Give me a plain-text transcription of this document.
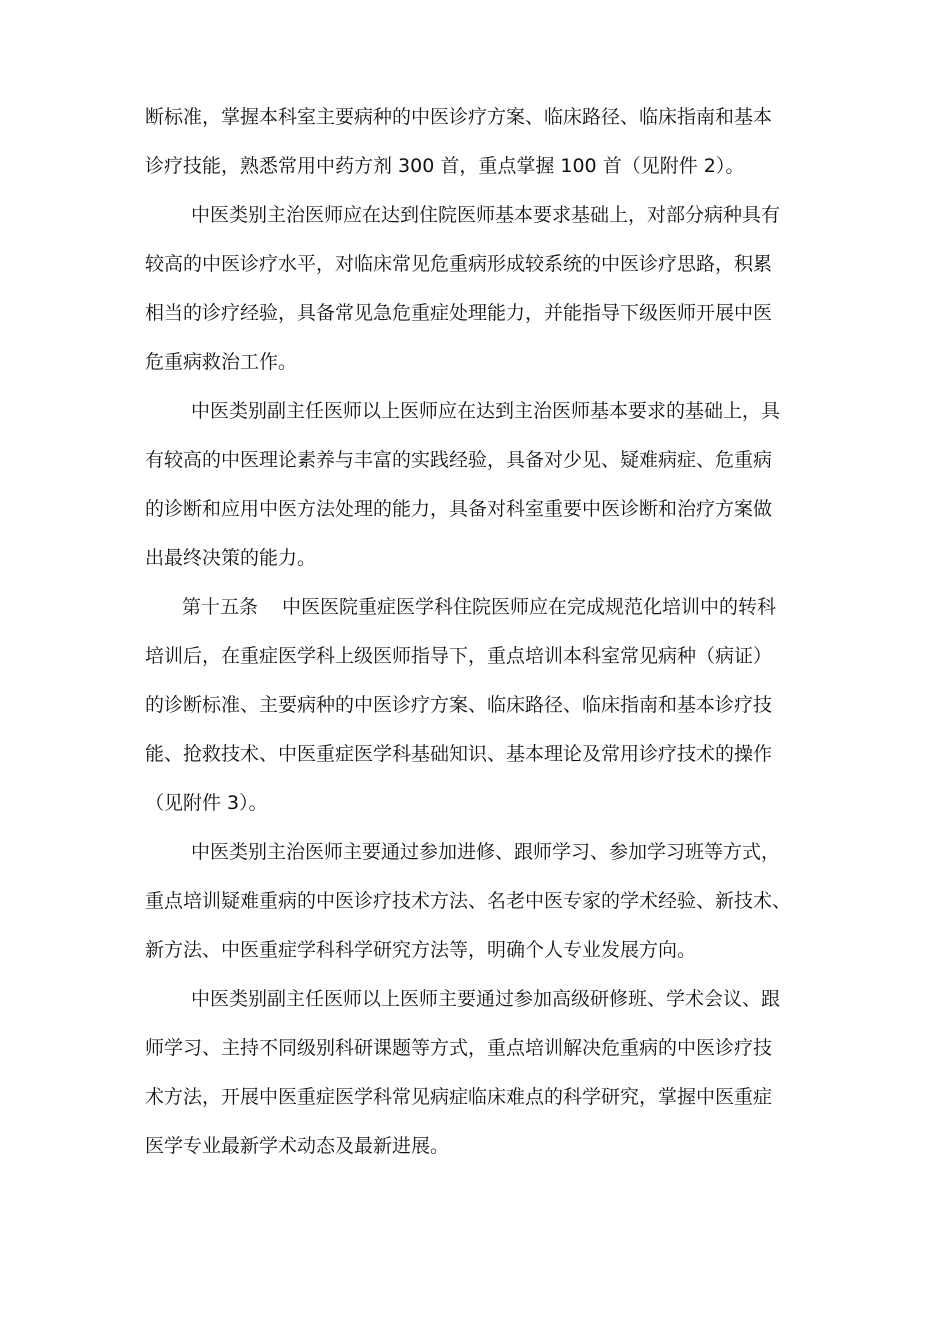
断标准，掌握本科室主要病种的中医诊疗方案、临床路径、临床指南和基本
诊疗技能，熟悉常用中药方剂 300 首，重点掌握 100 首（见附件 2）。
中医类别主治医师应在达到住院医师基本要求基础上，对部分病种具有
较高的中医诊疗水平，对临床常见危重病形成较系统的中医诊疗思路，积累
相当的诊疗经验，具备常见急危重症处理能力，并能指导下级医师开展中医
危重病救治工作。
中医类别副主任医师以上医师应在达到主治医师基本要求的基础上，具
有较高的中医理论素养与丰富的实践经验，具备对少见、疑难病症、危重病
的诊断和应用中医方法处理的能力，具备对科室重要中医诊断和治疗方案做
出最终决策的能力。
第十五条 中医医院重症医学科住院医师应在完成规范化培训中的转科
培训后，在重症医学科上级医师指导下，重点培训本科室常见病种（病证）
的诊断标准、主要病种的中医诊疗方案、临床路径、临床指南和基本诊疗技
能、抢救技术、中医重症医学科基础知识、基本理论及常用诊疗技术的操作
（见附件 3）。
中医类别主治医师主要通过参加进修、跟师学习、参加学习班等方式，
重点培训疑难重病的中医诊疗技术方法、名老中医专家的学术经验、新技术、
新方法、中医重症学科科学研究方法等，明确个人专业发展方向。
中医类别副主任医师以上医师主要通过参加高级研修班、学术会议、跟
师学习、主持不同级别科研课题等方式，重点培训解决危重病的中医诊疗技
术方法，开展中医重症医学科常见病症临床难点的科学研究，掌握中医重症
医学专业最新学术动态及最新进展。
